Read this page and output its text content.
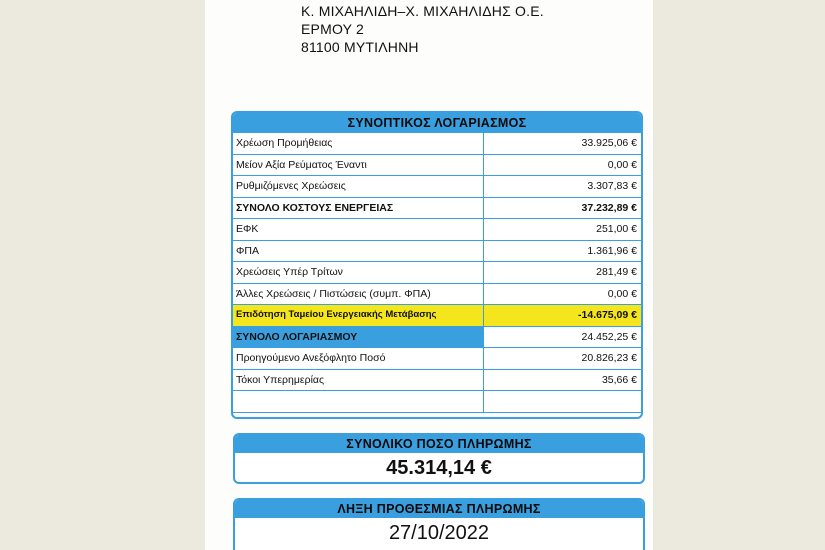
Κ. ΜΙΧΑΗΛΙΔΗ–Χ. ΜΙΧΑΗΛΙΔΗΣ Ο.Ε.
ΕΡΜΟΥ 2
81100 ΜΥΤΙΛΗΝΗ
ΣΥΝΟΠΤΙΚΟΣ ΛΟΓΑΡΙΑΣΜΟΣ
Χρέωση Προμήθειας	33.925,06 €
Μείον Αξία Ρεύματος Έναντι	0,00 €
Ρυθμιζόμενες Χρεώσεις	3.307,83 €
ΣΥΝΟΛΟ ΚΟΣΤΟΥΣ ΕΝΕΡΓΕΙΑΣ	37.232,89 €
ΕΦΚ	251,00 €
ΦΠΑ	1.361,96 €
Χρεώσεις Υπέρ Τρίτων	281,49 €
Άλλες Χρεώσεις / Πιστώσεις (συμπ. ΦΠΑ)	0,00 €
Επιδότηση Ταμείου Ενεργειακής Μετάβασης	-14.675,09 €
ΣΥΝΟΛΟ ΛΟΓΑΡΙΑΣΜΟΥ	24.452,25 €
Προηγούμενο Ανεξόφλητο Ποσό	20.826,23 €
Τόκοι Υπερημερίας	35,66 €
ΣΥΝΟΛΙΚΟ ΠΟΣΟ ΠΛΗΡΩΜΗΣ
45.314,14 €
ΛΗΞΗ ΠΡΟΘΕΣΜΙΑΣ ΠΛΗΡΩΜΗΣ
27/10/2022
